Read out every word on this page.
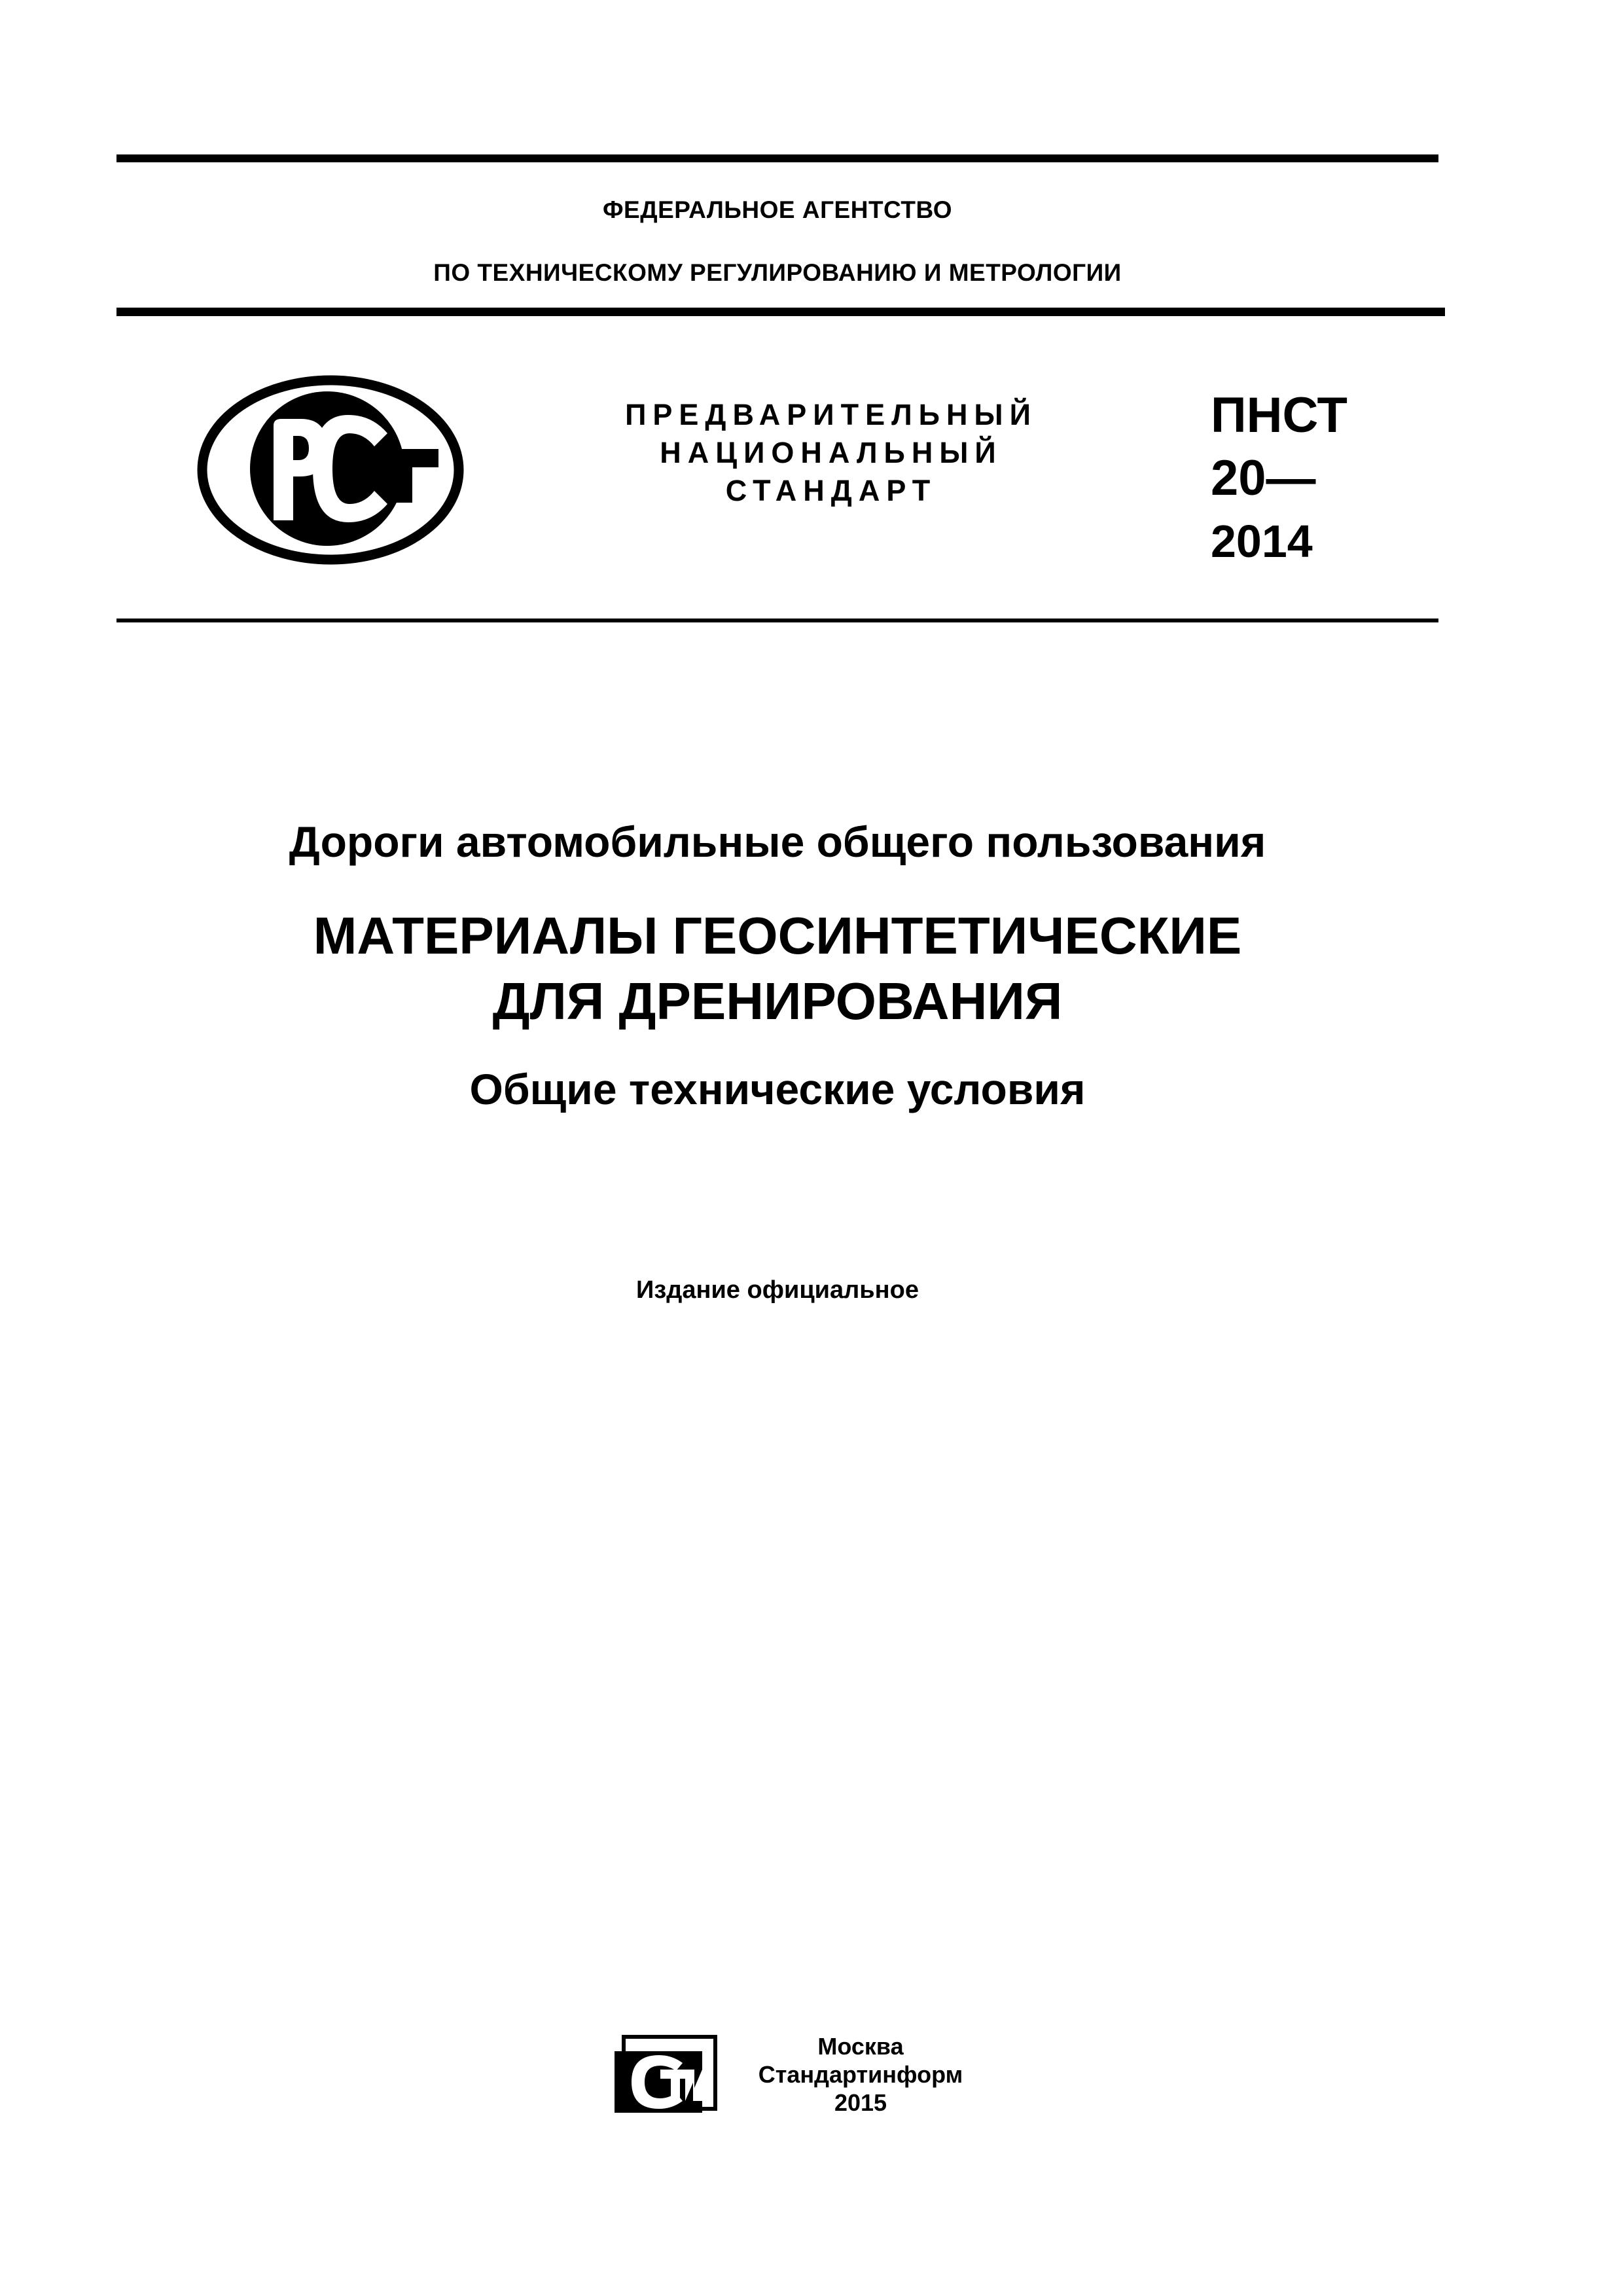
ФЕДЕРАЛЬНОЕ АГЕНТСТВО
ПО ТЕХНИЧЕСКОМУ РЕГУЛИРОВАНИЮ И МЕТРОЛОГИИ
ПРЕДВАРИТЕЛЬНЫЙ
НАЦИОНАЛЬНЫЙ
СТАНДАРТ
ПНСТ
20—
2014
Дороги автомобильные общего пользования
МАТЕРИАЛЫ ГЕОСИНТЕТИЧЕСКИЕ
ДЛЯ ДРЕНИРОВАНИЯ
Общие технические условия
Издание официальное
Москва
Стандартинформ
2015
